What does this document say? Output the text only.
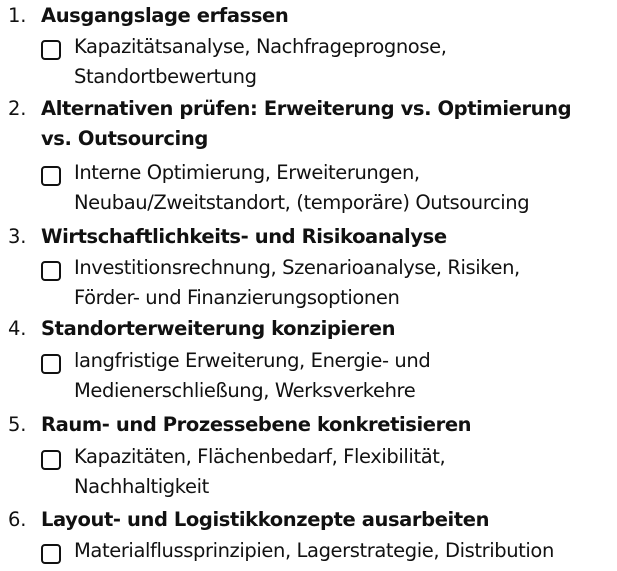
1. Ausgangslage erfassen
Kapazitätsanalyse, Nachfrageprognose,
Standortbewertung
2. Alternativen prüfen: Erweiterung vs. Optimierung
vs. Outsourcing
Interne Optimierung, Erweiterungen,
Neubau/Zweitstandort, (temporäre) Outsourcing
3. Wirtschaftlichkeits- und Risikoanalyse
Investitionsrechnung, Szenarioanalyse, Risiken,
Förder- und Finanzierungsoptionen
4. Standorterweiterung konzipieren
langfristige Erweiterung, Energie- und
Medienerschließung, Werksverkehre
5. Raum- und Prozessebene konkretisieren
Kapazitäten, Flächenbedarf, Flexibilität,
Nachhaltigkeit
6. Layout- und Logistikkonzepte ausarbeiten
Materialflussprinzipien, Lagerstrategie, Distribution
